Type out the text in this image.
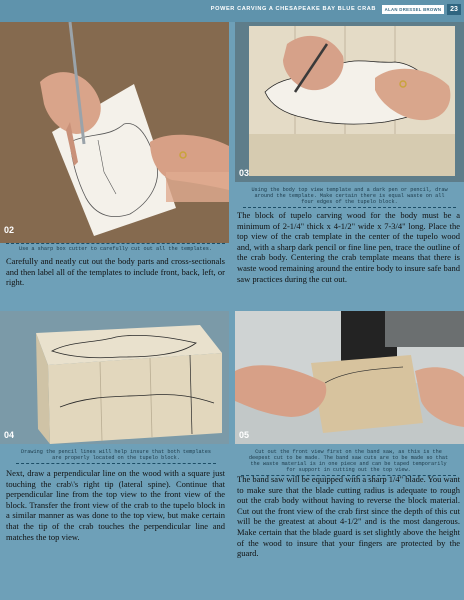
POWER CARVING A CHESAPEAKE BAY BLUE CRAB	ALAN DRESSEL BROWN	23
02
03
Use a sharp box cutter to carefully cut out all the templates.
Carefully and neatly cut out the body parts and cross-sectionals and then label all of the templates to include front, back, left, or right.
Using the body top view template and a dark pen or pencil, draw around the template. Make certain there is equal waste on all four edges of the tupelo block.
The block of tupelo carving wood for the body must be a minimum of 2-1/4" thick x 4-1/2" wide x 7-3/4" long. Place the top view of the crab template in the center of the tupelo wood and, with a sharp dark pencil or fine line pen, trace the outline of the crab body. Centering the crab template means that there is waste wood remaining around the entire body to insure safe band saw practices during the cut out.
04
Drawing the pencil lines will help insure that both templates are properly located on the tupelo block.
Next, draw a perpendicular line on the wood with a square just touching the crab\'s right tip (lateral spine). Continue that perpendicular line from the top view to the front view of the block. Transfer the front view of the crab to the tupelo block in a similar manner as was done to the top view, but make certain that the tip of the crab touches the perpendicular line and matches the top view.
05
Cut out the front view first on the band saw, as this is the deepest cut to be made. The band saw cuts are to be made so that the waste material is in one piece and can be taped temporarily for support in cutting out the top view.
The band saw will be equipped with a sharp 1/4" blade. You want to make sure that the blade cutting radius is adequate to rough out the crab body without having to reverse the block material. Cut out the front view of the crab first since the depth of this cut will be the greatest at about 4-1/2" and is the most dangerous. Make certain that the blade guard is set slightly above the height of the wood to insure that your fingers are protected by the guard.
